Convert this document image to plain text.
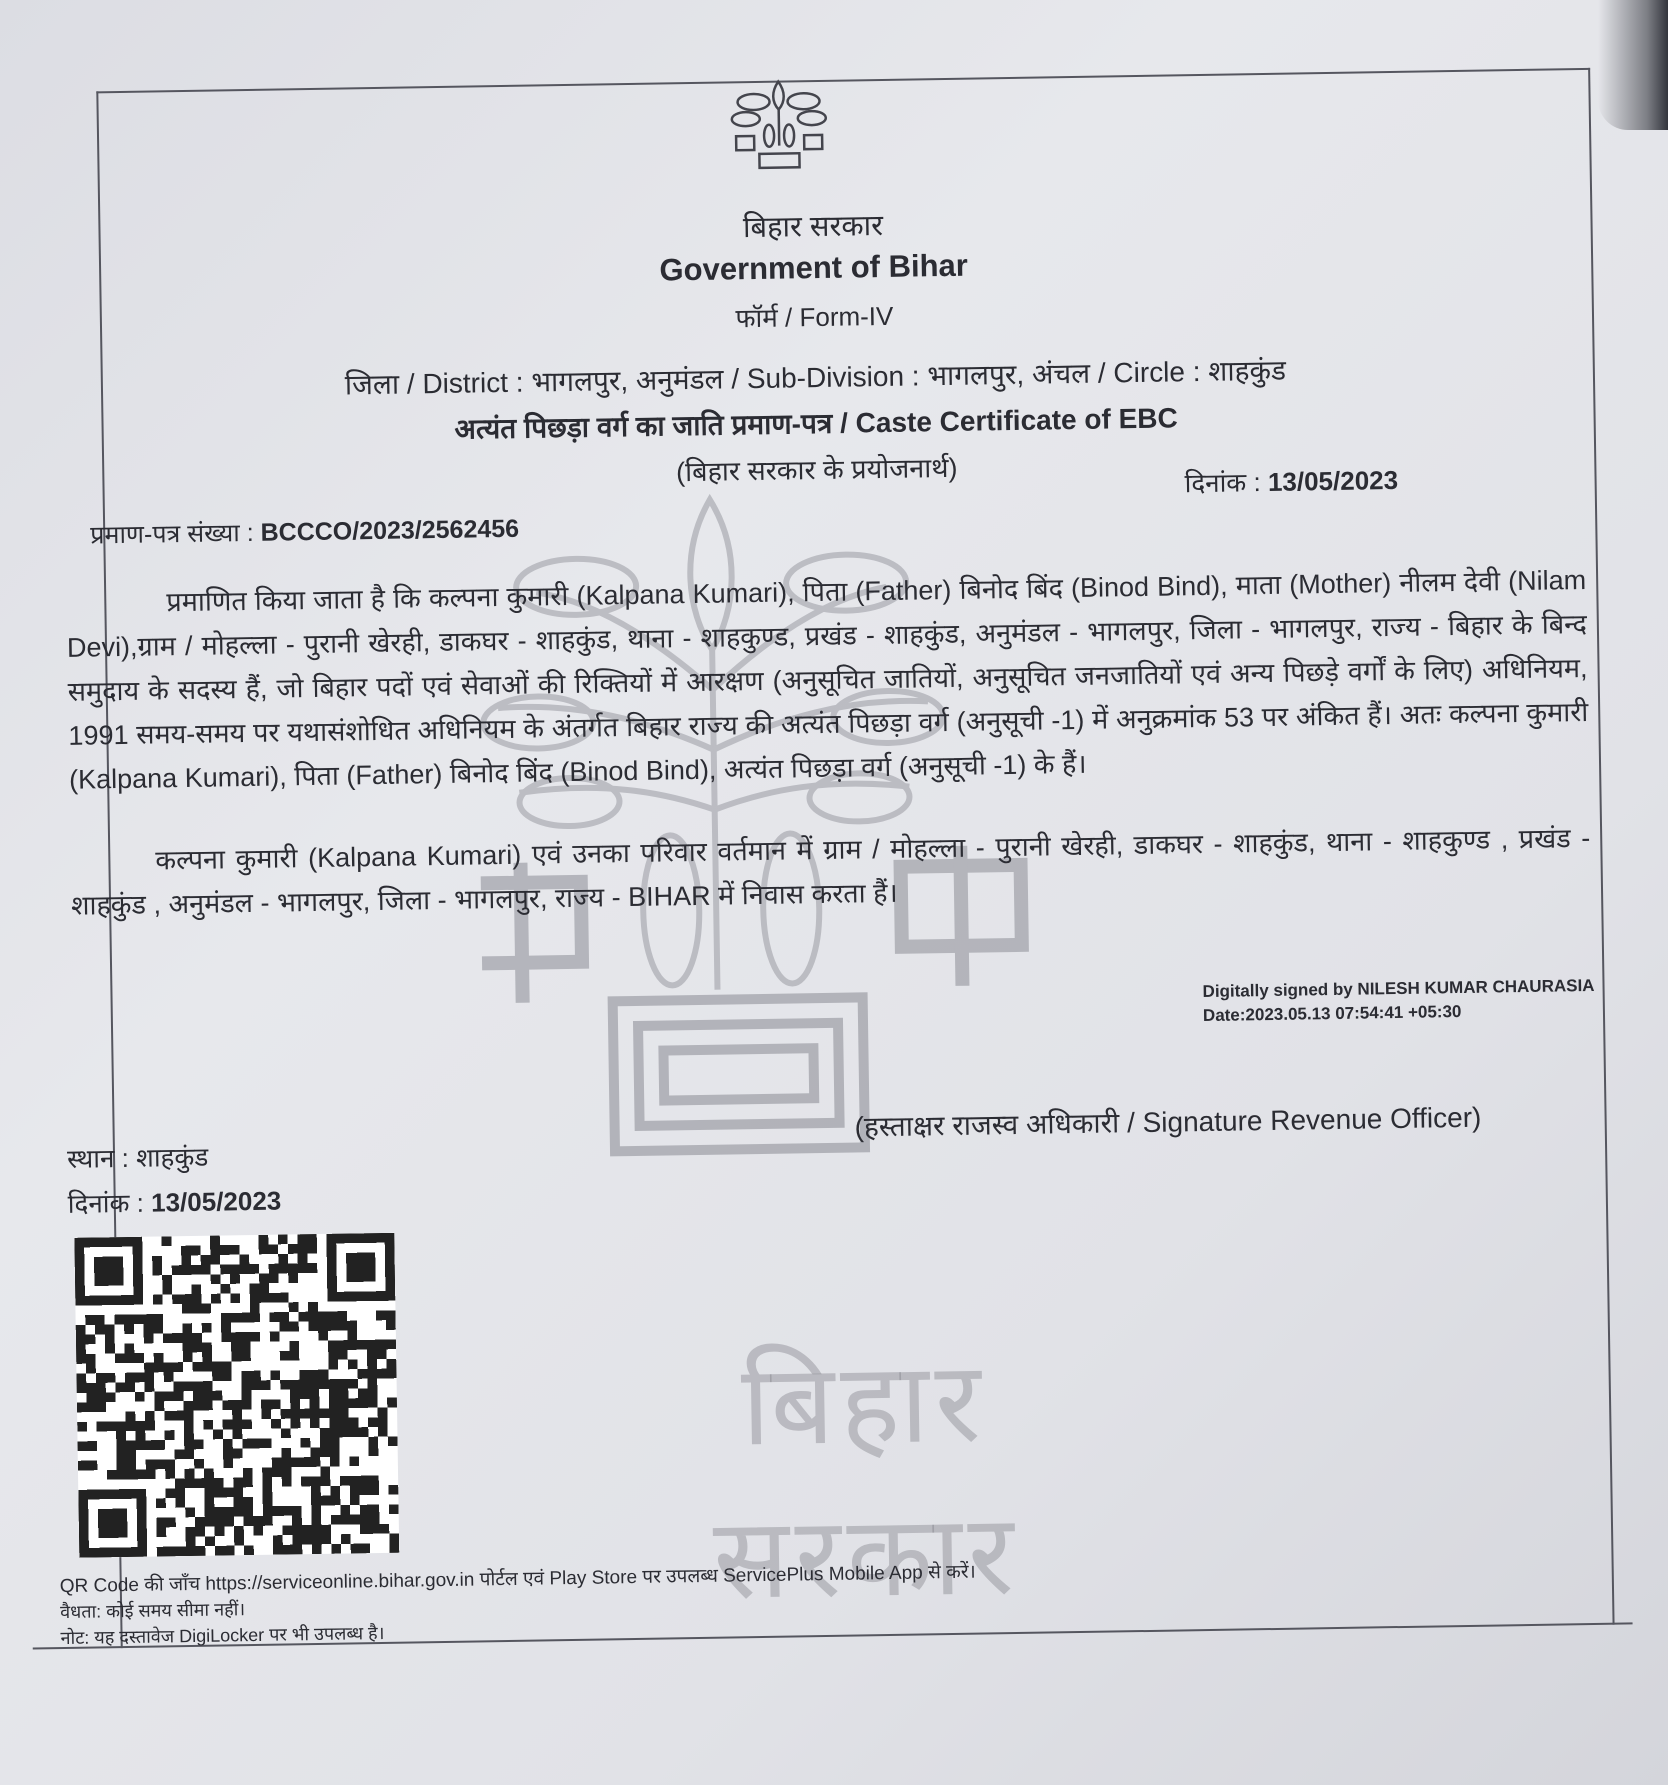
बिहार सरकार
बिहार सरकार
Government of Bihar
फॉर्म / Form-IV
जिला / District : भागलपुर, अनुमंडल / Sub-Division : भागलपुर, अंचल / Circle : शाहकुंड
अत्यंत पिछड़ा वर्ग का जाति प्रमाण-पत्र / Caste Certificate of EBC
(बिहार सरकार के प्रयोजनार्थ)	दिनांक : 13/05/2023
प्रमाण-पत्र संख्या : BCCCO/2023/2562456
प्रमाणित किया जाता है कि कल्पना कुमारी (Kalpana Kumari), पिता (Father) बिनोद बिंद (Binod Bind), माता (Mother) नीलम देवी (Nilam Devi),ग्राम / मोहल्ला - पुरानी खेरही, डाकघर - शाहकुंड, थाना - शाहकुण्ड, प्रखंड - शाहकुंड, अनुमंडल - भागलपुर, जिला - भागलपुर, राज्य - बिहार के बिन्द समुदाय के सदस्य हैं, जो बिहार पदों एवं सेवाओं की रिक्तियों में आरक्षण (अनुसूचित जातियों, अनुसूचित जनजातियों एवं अन्य पिछड़े वर्गों के लिए) अधिनियम, 1991 समय-समय पर यथासंशोधित अधिनियम के अंतर्गत बिहार राज्य की अत्यंत पिछड़ा वर्ग (अनुसूची -1) में अनुक्रमांक 53 पर अंकित हैं। अतः कल्पना कुमारी (Kalpana Kumari), पिता (Father) बिनोद बिंद (Binod Bind), अत्यंत पिछड़ा वर्ग (अनुसूची -1) के हैं।
कल्पना कुमारी (Kalpana Kumari) एवं उनका परिवार वर्तमान में ग्राम / मोहल्ला - पुरानी खेरही, डाकघर - शाहकुंड, थाना - शाहकुण्ड , प्रखंड - शाहकुंड , अनुमंडल - भागलपुर, जिला - भागलपुर, राज्य - BIHAR में निवास करता हैं।
Digitally signed by NILESH KUMAR CHAURASIA
Date:2023.05.13 07:54:41 +05:30
(हस्ताक्षर राजस्व अधिकारी / Signature Revenue Officer)
स्थान : शाहकुंड
दिनांक : 13/05/2023
QR Code की जाँच https://serviceonline.bihar.gov.in पोर्टल एवं Play Store पर उपलब्ध ServicePlus Mobile App से करें।
वैधता: कोई समय सीमा नहीं।
नोट: यह दस्तावेज DigiLocker पर भी उपलब्ध है।
